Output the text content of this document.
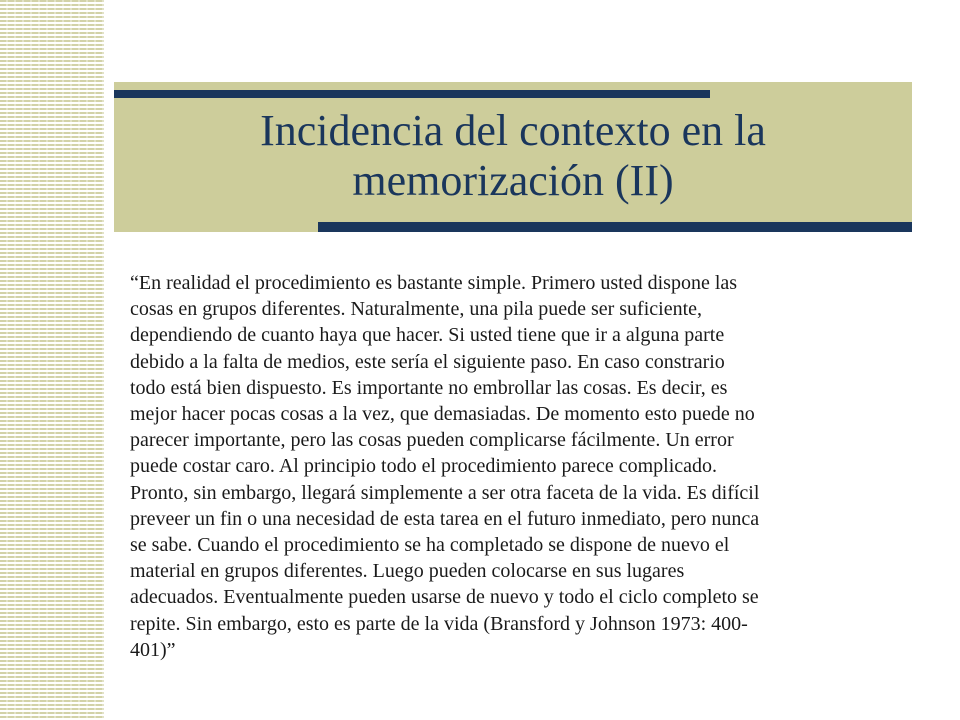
Incidencia del contexto en la
memorización (II)
“En realidad el procedimiento es bastante simple. Primero usted dispone las
cosas en grupos diferentes. Naturalmente, una pila puede ser suficiente,
dependiendo de cuanto haya que hacer. Si usted tiene que ir a alguna parte
debido a la falta de medios, este sería el siguiente paso. En caso constrario
todo está bien dispuesto. Es importante no embrollar las cosas. Es decir, es
mejor hacer pocas cosas a la vez, que demasiadas. De momento esto puede no
parecer importante, pero las cosas pueden complicarse fácilmente. Un error
puede costar caro. Al principio todo el procedimiento parece complicado.
Pronto, sin embargo, llegará simplemente a ser otra faceta de la vida. Es difícil
preveer un fin o una necesidad de esta tarea en el futuro inmediato, pero nunca
se sabe. Cuando el procedimiento se ha completado se dispone de nuevo el
material en grupos diferentes. Luego pueden colocarse en sus lugares
adecuados. Eventualmente pueden usarse de nuevo y todo el ciclo completo se
repite. Sin embargo, esto es parte de la vida (Bransford y Johnson 1973: 400-
401)”
